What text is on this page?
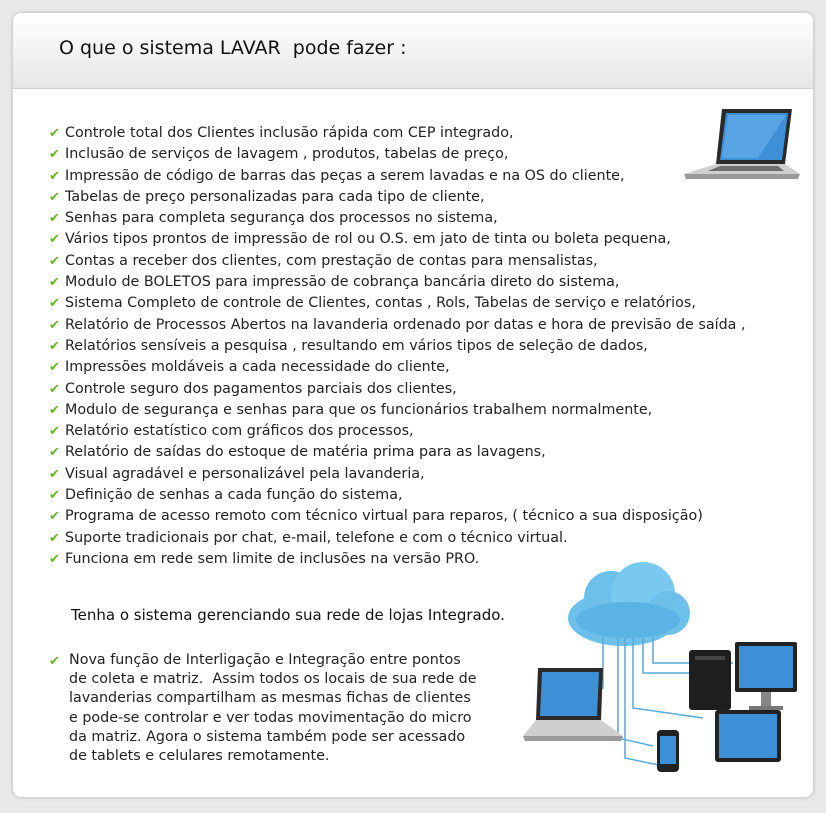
O que o sistema LAVAR  pode fazer :
✔ Controle total dos Clientes inclusão rápida com CEP integrado,
✔ Inclusão de serviços de lavagem , produtos, tabelas de preço,
✔ Impressão de código de barras das peças a serem lavadas e na OS do cliente,
✔ Tabelas de preço personalizadas para cada tipo de cliente,
✔ Senhas para completa segurança dos processos no sistema,
✔ Vários tipos prontos de impressão de rol ou O.S. em jato de tinta ou boleta pequena,
✔ Contas a receber dos clientes, com prestação de contas para mensalistas,
✔ Modulo de BOLETOS para impressão de cobrança bancária direto do sistema,
✔ Sistema Completo de controle de Clientes, contas , Rols, Tabelas de serviço e relatórios,
✔ Relatório de Processos Abertos na lavanderia ordenado por datas e hora de previsão de saída ,
✔ Relatórios sensíveis a pesquisa , resultando em vários tipos de seleção de dados,
✔ Impressões moldáveis a cada necessidade do cliente,
✔ Controle seguro dos pagamentos parciais dos clientes,
✔ Modulo de segurança e senhas para que os funcionários trabalhem normalmente,
✔ Relatório estatístico com gráficos dos processos,
✔ Relatório de saídas do estoque de matéria prima para as lavagens,
✔ Visual agradável e personalizável pela lavanderia,
✔ Definição de senhas a cada função do sistema,
✔ Programa de acesso remoto com técnico virtual para reparos, ( técnico a sua disposição)
✔ Suporte tradicionais por chat, e-mail, telefone e com o técnico virtual.
✔ Funciona em rede sem limite de inclusões na versão PRO.
Tenha o sistema gerenciando sua rede de lojas Integrado.
✔ Nova função de Interligação e Integração entre pontos
de coleta e matriz.  Assim todos os locais de sua rede de
lavanderias compartilham as mesmas fichas de clientes
e pode-se controlar e ver todas movimentação do micro
da matriz. Agora o sistema também pode ser acessado
de tablets e celulares remotamente.
